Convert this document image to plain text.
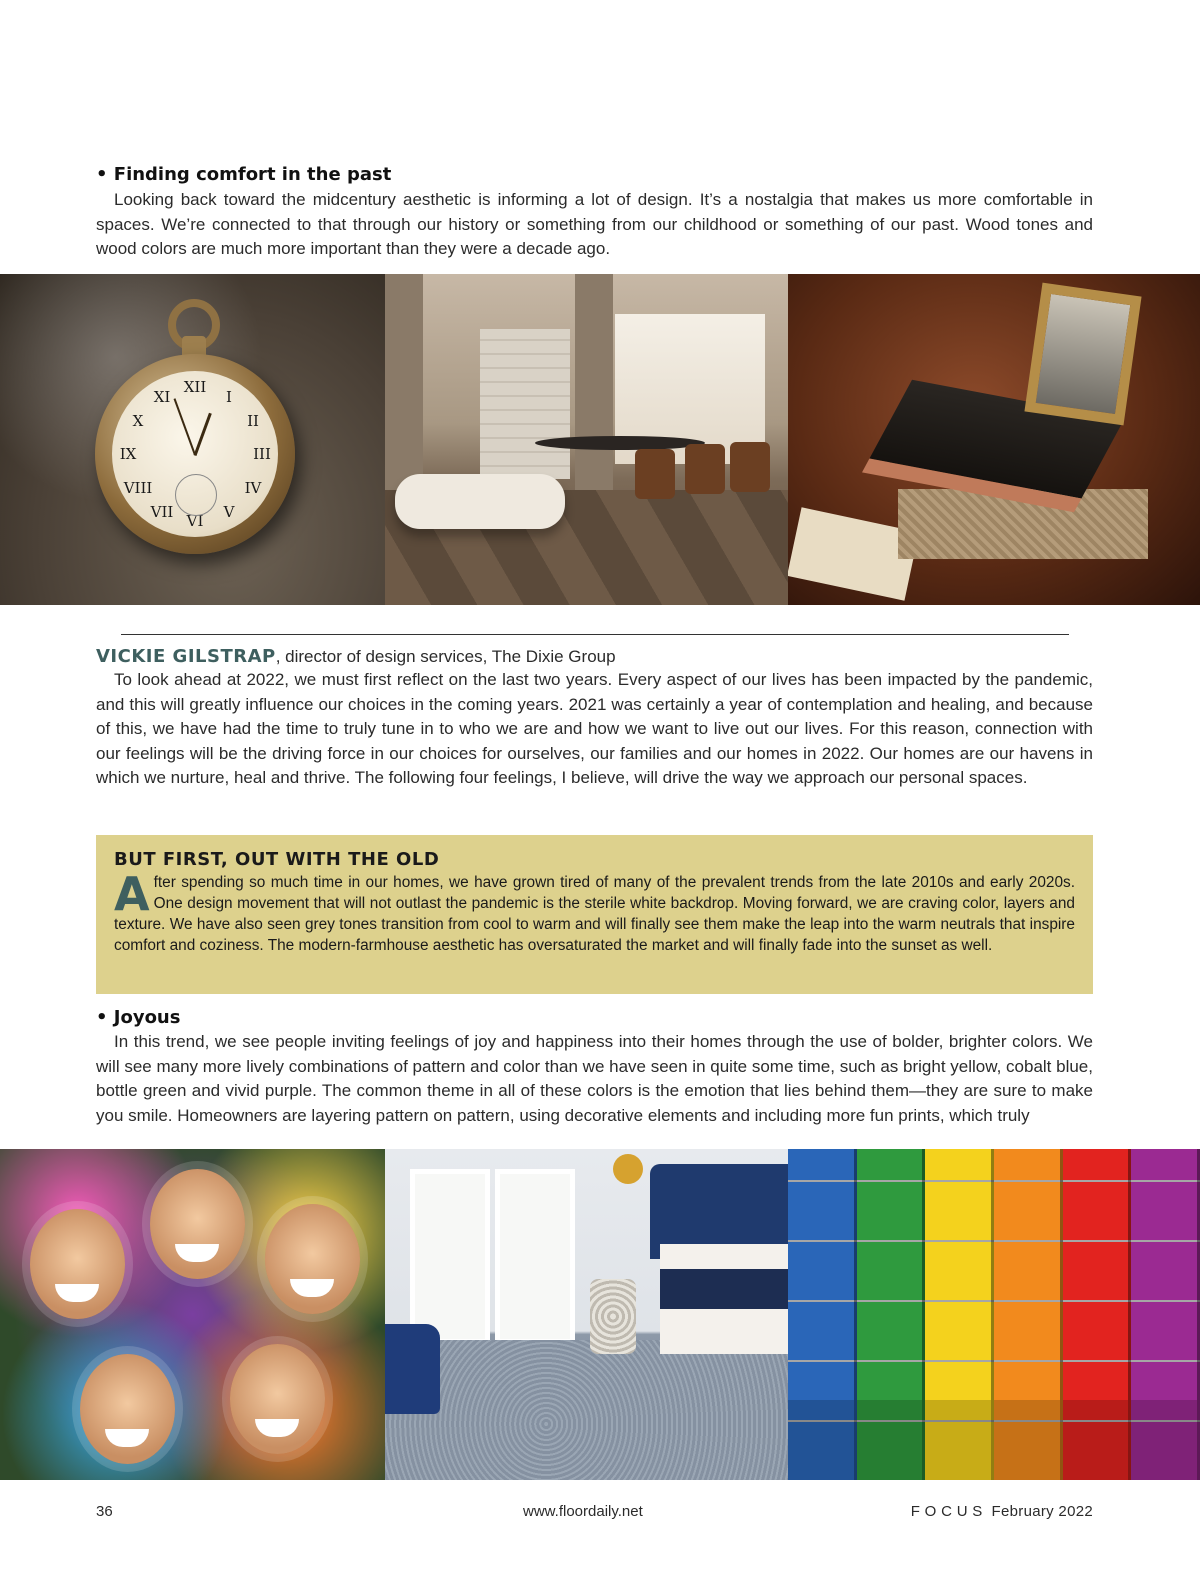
• Finding comfort in the past

Looking back toward the midcentury aesthetic is informing a lot of design. It’s a nostalgia that makes us more comfortable in spaces. We’re connected to that through our history or something from our childhood or something of our past. Wood tones and wood colors are much more important than they were a decade ago.

XII
III
VI
IX
I
II
IV
V
VII
VIII
X
XI
VICKIE GILSTRAP, director of design services, The Dixie Group

To look ahead at 2022, we must first reflect on the last two years. Every aspect of our lives has been impacted by the pandemic, and this will greatly influence our choices in the coming years. 2021 was certainly a year of contemplation and healing, and because of this, we have had the time to truly tune in to who we are and how we want to live out our lives. For this reason, connection with our feelings will be the driving force in our choices for ourselves, our families and our homes in 2022. Our homes are our havens in which we nurture, heal and thrive. The following four feelings, I believe, will drive the way we approach our personal spaces.

BUT FIRST, OUT WITH THE OLD
After spending so much time in our homes, we have grown tired of many of the prevalent trends from the late 2010s and early 2020s. One design movement that will not outlast the pandemic is the sterile white backdrop. Moving forward, we are craving color, layers and texture. We have also seen grey tones transition from cool to warm and will finally see them make the leap into the warm neutrals that inspire comfort and coziness. The modern-farmhouse aesthetic has oversaturated the market and will finally fade into the sunset as well.
• Joyous

In this trend, we see people inviting feelings of joy and happiness into their homes through the use of bolder, brighter colors. We will see many more lively combinations of pattern and color than we have seen in quite some time, such as bright yellow, cobalt blue, bottle green and vivid purple. The common theme in all of these colors is the emotion that lies behind them—they are sure to make you smile. Homeowners are layering pattern on pattern, using decorative elements and including more fun prints, which truly

36	www.floordaily.net	F O C U S  February 2022
